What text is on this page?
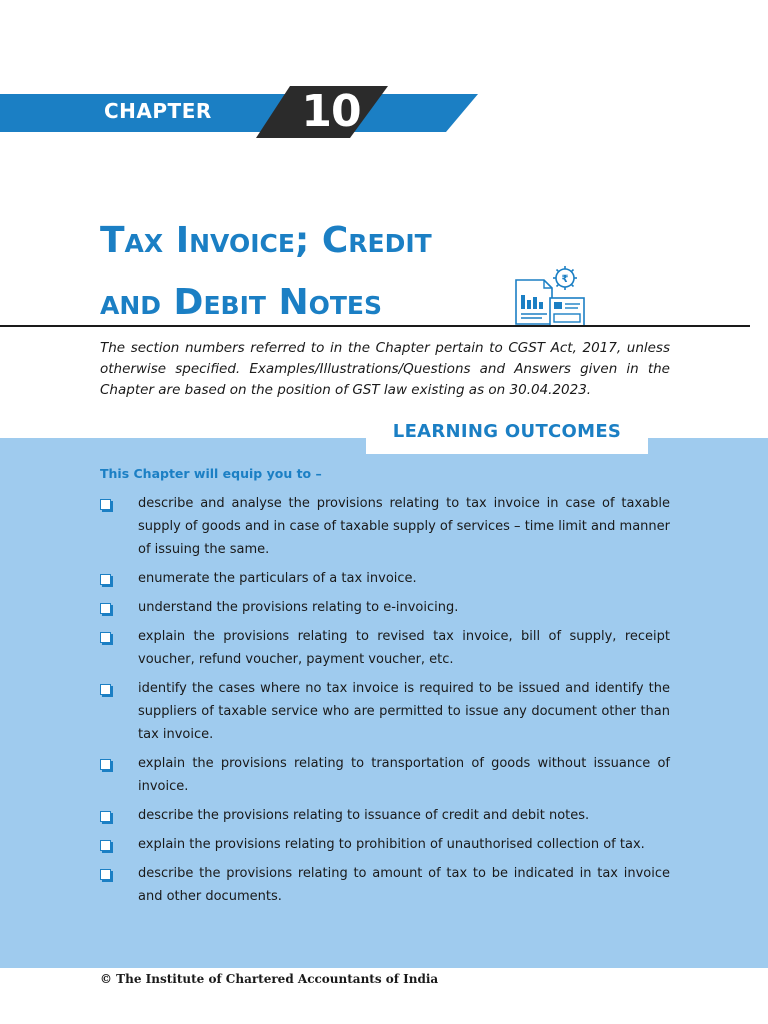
CHAPTER 10
Tax Invoice; Credit
and Debit Notes
₹

The section numbers referred to in the Chapter pertain to CGST Act, 2017, unless otherwise specified. Examples/Illustrations/Questions and Answers given in the Chapter are based on the position of GST law existing as on 30.04.2023.

LEARNING OUTCOMES

This Chapter will equip you to –

describe and analyse the provisions relating to tax invoice in case of taxable supply of goods and in case of taxable supply of services – time limit and manner of issuing the same.
enumerate the particulars of a tax invoice.
understand the provisions relating to e-invoicing.
explain the provisions relating to revised tax invoice, bill of supply, receipt voucher, refund voucher, payment voucher, etc.
identify the cases where no tax invoice is required to be issued and identify the suppliers of taxable service who are permitted to issue any document other than tax invoice.
explain the provisions relating to transportation of goods without issuance of invoice.
describe the provisions relating to issuance of credit and debit notes.
explain the provisions relating to prohibition of unauthorised collection of tax.
describe the provisions relating to amount of tax to be indicated in tax invoice and other documents.

© The Institute of Chartered Accountants of India
